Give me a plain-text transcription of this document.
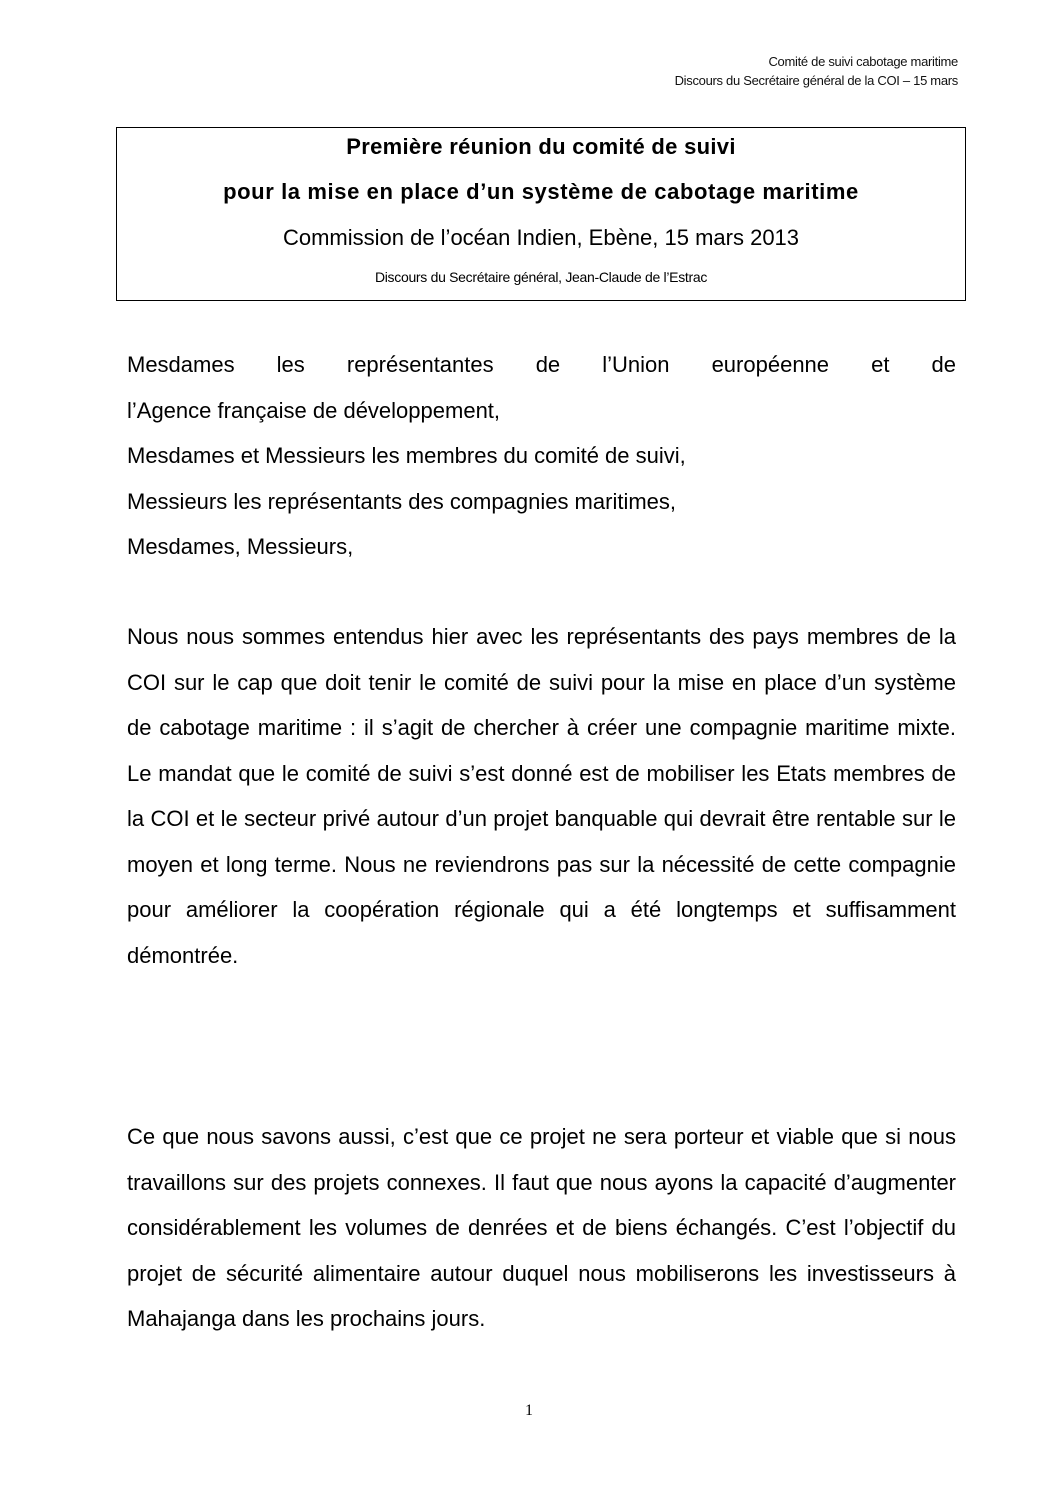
Comité de suivi cabotage maritime
Discours du Secrétaire général de la COI – 15 mars
Première réunion du comité de suivi
pour la mise en place d’un système de cabotage maritime
Commission de l’océan Indien, Ebène, 15 mars 2013
Discours du Secrétaire général, Jean-Claude de l’Estrac
Mesdames les représentantes de l’Union européenne et de
l’Agence française de développement,
Mesdames et Messieurs les membres du comité de suivi,
Messieurs les représentants des compagnies maritimes,
Mesdames, Messieurs,

Nous nous sommes entendus hier avec les représentants des pays membres de la COI sur le cap que doit tenir le comité de suivi pour la mise en place d’un système de cabotage maritime : il s’agit de chercher à créer une compagnie maritime mixte. Le mandat que le comité de suivi s’est donné est de mobiliser les Etats membres de la COI et le secteur privé autour d’un projet banquable qui devrait être rentable sur le moyen et long terme. Nous ne reviendrons pas sur la nécessité de cette compagnie pour améliorer la coopération régionale qui a été longtemps et suffisamment démontrée.

Ce que nous savons aussi, c’est que ce projet ne sera porteur et viable que si nous travaillons sur des projets connexes. Il faut que nous ayons la capacité d’augmenter considérablement les volumes de denrées et de biens échangés. C’est l’objectif du projet de sécurité alimentaire autour duquel nous mobiliserons les investisseurs à Mahajanga dans les prochains jours.

1
